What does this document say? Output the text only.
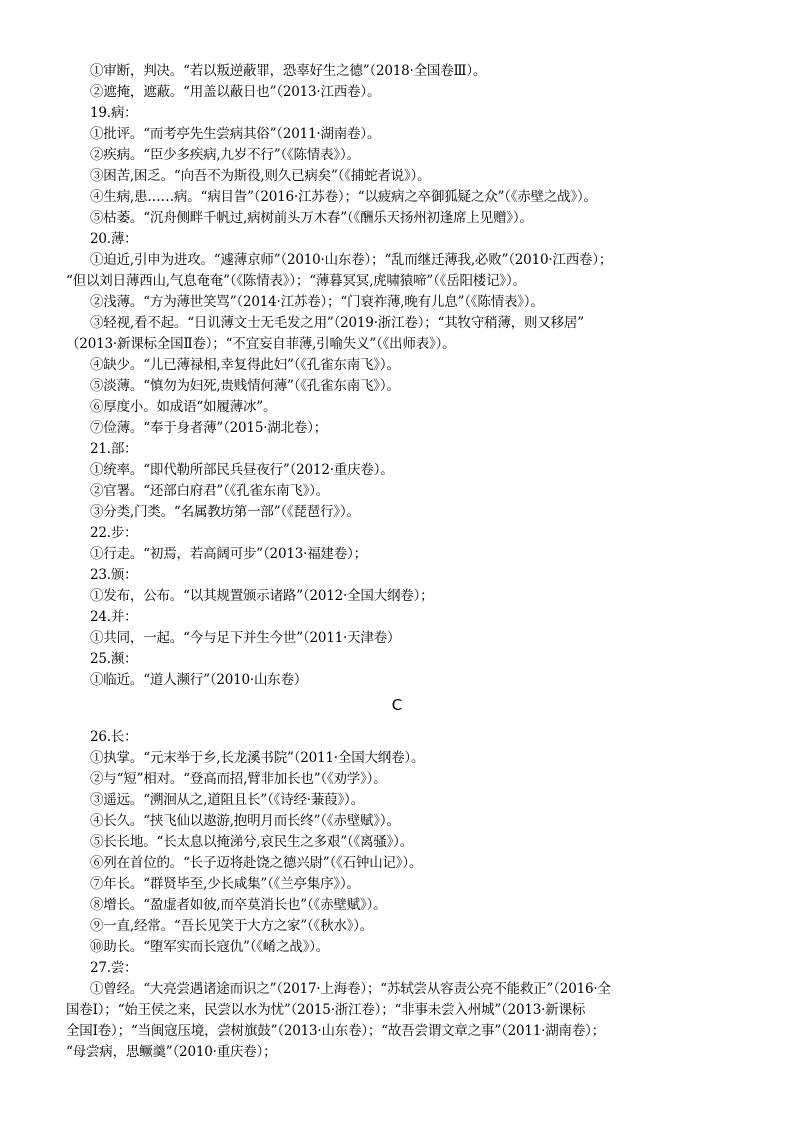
①审断，判决。“若以叛逆蔽罪，恐辜好生之德”（2018·全国卷Ⅲ）。
②遮掩，遮蔽。“用盖以蔽日也”（2013·江西卷）。
19.病：
①批评。“而考亭先生尝病其俗”（2011·湖南卷）。
②疾病。“臣少多疾病,九岁不行”（《陈情表》）。
③困苦,困乏。“向吾不为斯役,则久已病矣”（《捕蛇者说》）。
④生病,患……病。“病目眚”（2016·江苏卷）；“以疲病之卒御狐疑之众”（《赤壁之战》）。
⑤枯萎。“沉舟侧畔千帆过,病树前头万木春”（《酬乐天扬州初逢席上见赠》）。
20.薄：
①迫近,引申为进攻。“遽薄京师”（2010·山东卷）；“乱而继迁薄我,必败”（2010·江西卷）；
“但以刘日薄西山,气息奄奄”（《陈情表》）；“薄暮冥冥,虎啸猿啼”（《岳阳楼记》）。
②浅薄。“方为薄世笑骂”（2014·江苏卷）；“门衰祚薄,晚有儿息”（《陈情表》）。
③轻视,看不起。“日讥薄文士无毛发之用”（2019·浙江卷）；“其牧守稍薄，则又移居”
（2013·新课标全国Ⅱ卷）；“不宜妄自菲薄,引喻失义”（《出师表》）。
④缺少。“儿已薄禄相,幸复得此妇”（《孔雀东南飞》）。
⑤淡薄。“慎勿为妇死,贵贱情何薄”（《孔雀东南飞》）。
⑥厚度小。如成语“如履薄冰”。
⑦俭薄。“奉于身者薄”（2015·湖北卷）；
21.部：
①统率。“即代勒所部民兵昼夜行”（2012·重庆卷）。
②官署。“还部白府君”（《孔雀东南飞》）。
③分类,门类。“名属教坊第一部”（《琵琶行》）。
22.步：
①行走。“初焉，若高阔可步”（2013·福建卷）；
23.颁：
①发布，公布。“以其规置颁示诸路”（2012·全国大纲卷）；
24.并：
①共同，一起。“今与足下并生今世”（2011·天津卷）
25.濒：
①临近。“道人濒行”（2010·山东卷）
C
26.长：
①执掌。“元末举于乡,长龙溪书院”（2011·全国大纲卷）。
②与“短”相对。“登高而招,臂非加长也”（《劝学》）。
③遥远。“溯洄从之,道阻且长”（《诗经·蒹葭》）。
④长久。“挟飞仙以遨游,抱明月而长终”（《赤壁赋》）。
⑤长长地。“长太息以掩涕兮,哀民生之多艰”（《离骚》）。
⑥列在首位的。“长子迈将赴饶之德兴尉”（《石钟山记》）。
⑦年长。“群贤毕至,少长咸集”（《兰亭集序》）。
⑧增长。“盈虚者如彼,而卒莫消长也”（《赤壁赋》）。
⑨一直,经常。“吾长见笑于大方之家”（《秋水》）。
⑩助长。“堕军实而长寇仇”（《崤之战》）。
27.尝：
①曾经。“大亮尝遇诸途而识之”（2017·上海卷）；“苏轼尝从容责公亮不能救正”（2016·全
国卷Ⅰ）；“始王侯之来，民尝以水为忧”（2015·浙江卷）；“非事未尝入州城”（2013·新课标
全国Ⅰ卷）；“当闽寇压境，尝树旗鼓”（2013·山东卷）；“故吾尝谓文章之事”（2011·湖南卷）；
“母尝病，思鳜羹”（2010·重庆卷）；
